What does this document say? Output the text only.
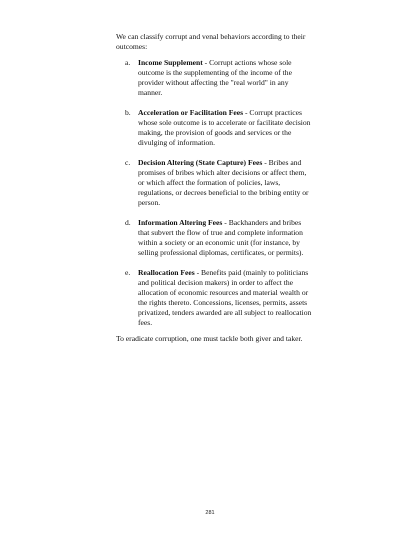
We can classify corrupt and venal behaviors according to their outcomes:

a. Income Supplement - Corrupt actions whose sole outcome is the supplementing of the income of the provider without affecting the "real world" in any manner.
b. Acceleration or Facilitation Fees - Corrupt practices whose sole outcome is to accelerate or facilitate decision making, the provision of goods and services or the divulging of information.
c. Decision Altering (State Capture) Fees - Bribes and promises of bribes which alter decisions or affect them, or which affect the formation of policies, laws, regulations, or decrees beneficial to the bribing entity or person.
d. Information Altering Fees - Backhanders and bribes that subvert the flow of true and complete information within a society or an economic unit (for instance, by selling professional diplomas, certificates, or permits).
e. Reallocation Fees - Benefits paid (mainly to politicians and political decision makers) in order to affect the allocation of economic resources and material wealth or the rights thereto. Concessions, licenses, permits, assets privatized, tenders awarded are all subject to reallocation fees.

To eradicate corruption, one must tackle both giver and taker.

281
